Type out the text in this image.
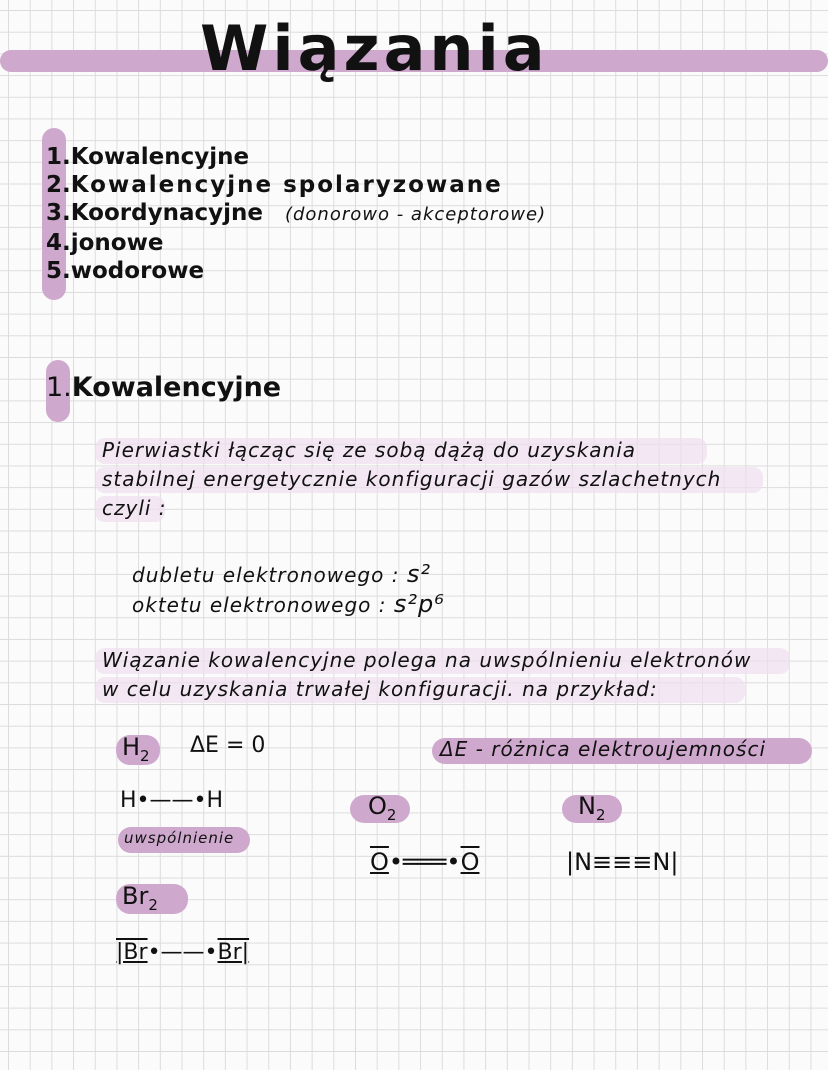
Wiązania
1.Kowalencyjne
2.Kowalencyjne spolaryzowane
3.Koordynacyjne (donorowo - akceptorowe)
4.jonowe
5.wodorowe
1.Kowalencyjne
Pierwiastki łącząc się ze sobą dążą do uzyskania
stabilnej energetycznie konfiguracji gazów szlachetnych
czyli :
dubletu elektronowego : s²
oktetu elektronowego : s²p⁶
Wiązanie kowalencyjne polega na uwspólnieniu elektronów
w celu uzyskania trwałej konfiguracji. na przykład:
$H_2$ ΔE = 0	ΔE - różnica elektroujemności
H•——•H
uwspólnienie
$O_2$
O•═══•O
$N_2$
|N≡≡≡N|
$Br_2$
|Br•——•Br|
